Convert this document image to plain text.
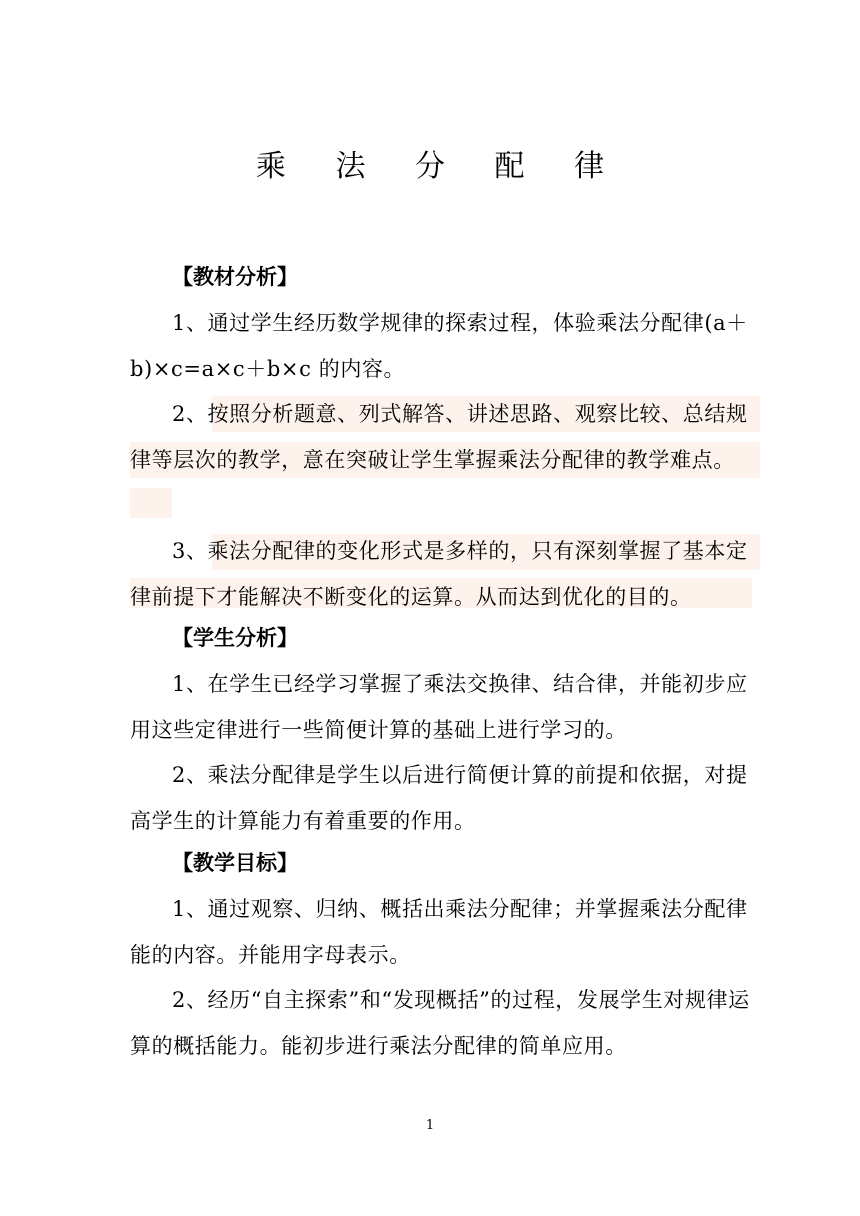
乘 法 分 配 律
【教材分析】
1、通过学生经历数学规律的探索过程，体验乘法分配律(a＋b)×c=a×c＋b×c 的内容。
2、按照分析题意、列式解答、讲述思路、观察比较、总结规律等层次的教学，意在突破让学生掌握乘法分配律的教学难点。
3、乘法分配律的变化形式是多样的，只有深刻掌握了基本定律前提下才能解决不断变化的运算。从而达到优化的目的。
【学生分析】
1、在学生已经学习掌握了乘法交换律、结合律，并能初步应用这些定律进行一些简便计算的基础上进行学习的。
2、乘法分配律是学生以后进行简便计算的前提和依据，对提高学生的计算能力有着重要的作用。
【教学目标】
1、通过观察、归纳、概括出乘法分配律；并掌握乘法分配律能的内容。并能用字母表示。
2、经历“自主探索”和“发现概括”的过程，发展学生对规律运算的概括能力。能初步进行乘法分配律的简单应用。
1
